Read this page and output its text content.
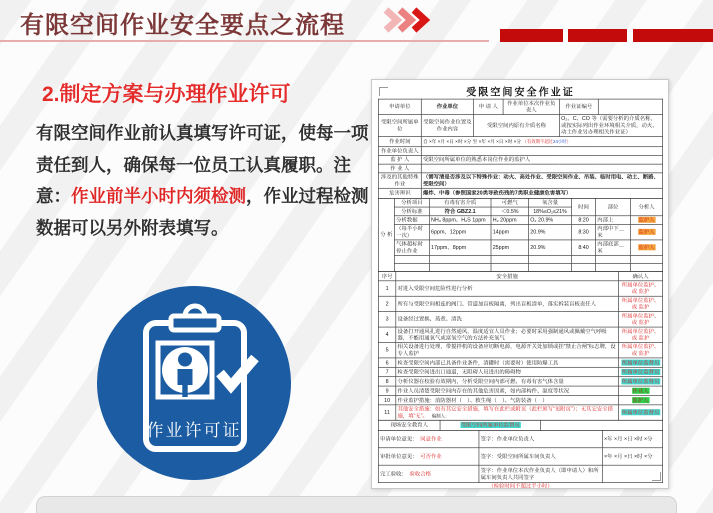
有限空间作业安全要点之流程
2.制定方案与办理作业许可
有限空间作业前认真填写许可证，使每一项责任到人，确保每一位员工认真履职。注意：作业前半小时内须检测，作业过程检测数据可以另外附表填写。
作业许可证
受限空间安全作业证
申请单位	作业单位	申 请 人	作业单位本次作业负责人	作业证编号	
受限空间所属单位	受限空间作业位置及作业内容	受限空间内原有介质名称		O₂、C、CO 等（需要分析的介质名称，或按实际列出作业环境相关介质，动火、动土作业另办理相关作业证）	
作业时间	自 ×年 ×月 ×日 ×时 ×分 至 ×年 ×月 ×日 ×时 ×分 （有效期不超过24小时）				
作业单位负责人					
监 护 人	受限空间所属单位的熟悉本岗位作业的监护人				
作 业 人					
涉及的其他特殊作业	（需写清是否涉及以下特殊作业：动火、高处作业、受限空间作业、吊装、临时用电、动土、断路、受限空间）				
危害辨识	爆炸、中毒（参照国家20类导致伤残的7类职业健康危害填写）				
分 析	分析项目	有毒有害介质	可燃气	氧含量	时间	部位	分析人
	分析标准	符合 GBZ2.1	＜0.5%	18%≤O₂≤21%			
	分析数据	NH₃ 8ppm、H₂S 1ppm	H₂ 20ppm	O₂ 20.9%	8:20	内部上	监护人
	（每半小时一次）	6ppm、12ppm	14ppm	20.9%	8:30	内部中下＿米	监护人
	气体超标时停止作业	17ppm、8ppm	25ppm	20.9%	8:40	内部底部＿米	监护人

序号	安全措施	确认人
1	对进入受限空间危险性进行分析	所属单位监护、或 监护
2	所有与受限空间相连的阀门、管道加盲板隔离，列出盲板清单，落实拆装盲板责任人	所属单位监护、或 监护
3	设备经过置换、蒸煮、清洗	所属单位监护、或 监护
4	设备打开通风孔进行自然通风，温度适宜人员作业；必要时采用强制通风或佩戴空气呼吸器，不能用通氧气或富氧空气的方法补充氧气	所属单位监护、或 监护
5	相关设备进行处理，带搅拌机的设备应切断电源，电源开关处加锁或挂“禁止合闸”标志牌，设专人监护	所属单位监护、或 监护
6	检查受限空间内部已具备作业条件，清罐时（需要时）使用防爆工具	所属单位监督员
7	检查受限空间进出口通道，无阻碍人员进出的障碍物	所属单位监督员
8	分析仪器在校验有效期内，分析受限空间内部可燃、有毒有害气体含量	所属单位监督员
9	作业人员清楚受限空间内存在的其他危害因素，如内部构件、温度等状况	作业人
10	作业监护措施：消防器材（　）、救生绳（　）、气防装备（　）	监护人
11	其他安全措施：如有其它安全措施，填写在此栏或附页（此栏须写“见附页”）；无其它安全措施，填“无”。 编制人：	所属单位监督员
现场安全教育人	受限空间所属单位监督员	
申请单位意见：　 同意作业	签字：作业单位负责人	×年 ×月 ×日 ×时 ×分
审批单位意见：　 可否作业	签字：受限空间所属车间负责人	×年 ×月 ×日 ×时 ×分
完工验收：　 验收合格	签字：作业单位本次作业负责人（即申请人）和所属车间负责人共同签字	
（检验时间不超过半小时）
